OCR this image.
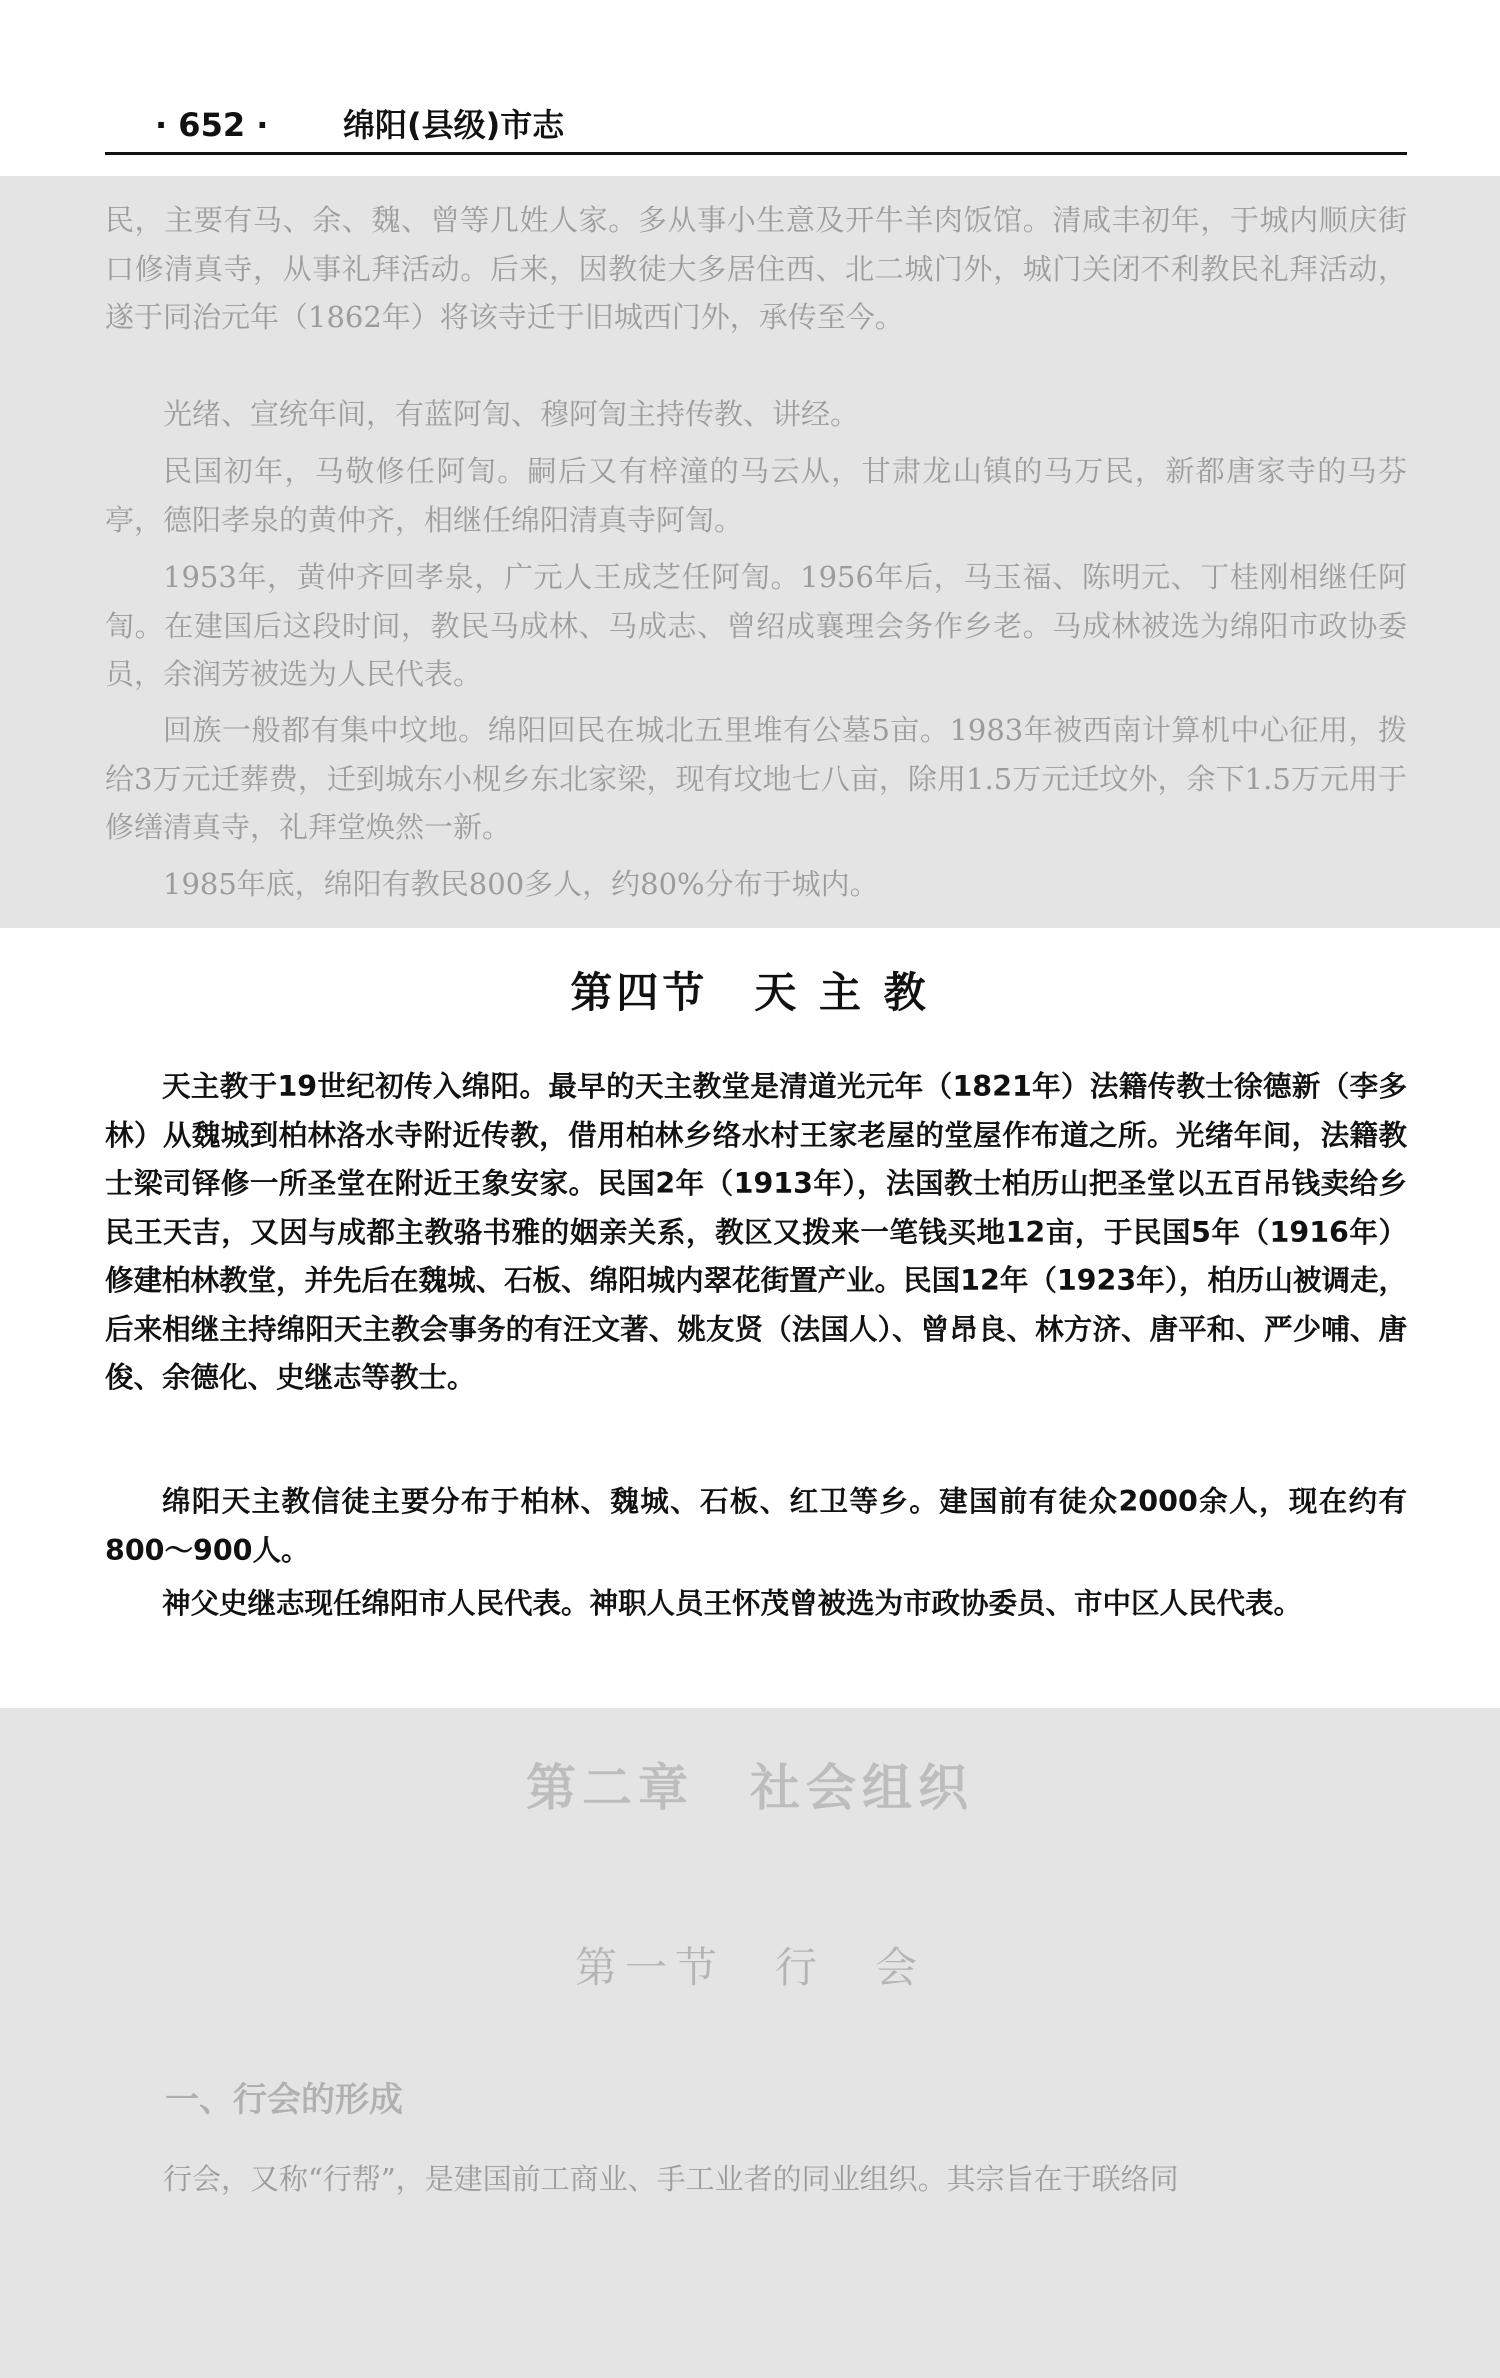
· 652 · 绵阳(县级)市志

民，主要有马、余、魏、曾等几姓人家。多从事小生意及开牛羊肉饭馆。清咸丰初年，于城内顺庆街口修清真寺，从事礼拜活动。后来，因教徒大多居住西、北二城门外，城门关闭不利教民礼拜活动，遂于同治元年（1862年）将该寺迁于旧城西门外，承传至今。

光绪、宣统年间，有蓝阿訇、穆阿訇主持传教、讲经。

民国初年，马敬修任阿訇。嗣后又有梓潼的马云从，甘肃龙山镇的马万民，新都唐家寺的马芬亭，德阳孝泉的黄仲齐，相继任绵阳清真寺阿訇。

1953年，黄仲齐回孝泉，广元人王成芝任阿訇。1956年后，马玉福、陈明元、丁桂刚相继任阿訇。在建国后这段时间，教民马成林、马成志、曾绍成襄理会务作乡老。马成林被选为绵阳市政协委员，余润芳被选为人民代表。

回族一般都有集中坟地。绵阳回民在城北五里堆有公墓5亩。1983年被西南计算机中心征用，拨给3万元迁葬费，迁到城东小枧乡东北家梁，现有坟地七八亩，除用1.5万元迁坟外，余下1.5万元用于修缮清真寺，礼拜堂焕然一新。

1985年底，绵阳有教民800多人，约80%分布于城内。

第四节　天 主 教

天主教于19世纪初传入绵阳。最早的天主教堂是清道光元年（1821年）法籍传教士徐德新（李多林）从魏城到柏林洛水寺附近传教，借用柏林乡络水村王家老屋的堂屋作布道之所。光绪年间，法籍教士梁司铎修一所圣堂在附近王象安家。民国2年（1913年），法国教士柏历山把圣堂以五百吊钱卖给乡民王天吉，又因与成都主教骆书雅的姻亲关系，教区又拨来一笔钱买地12亩，于民国5年（1916年）修建柏林教堂，并先后在魏城、石板、绵阳城内翠花街置产业。民国12年（1923年），柏历山被调走，后来相继主持绵阳天主教会事务的有汪文著、姚友贤（法国人）、曾昂良、林方济、唐平和、严少哺、唐俊、余德化、史继志等教士。

绵阳天主教信徒主要分布于柏林、魏城、石板、红卫等乡。建国前有徒众2000余人，现在约有800～900人。

神父史继志现任绵阳市人民代表。神职人员王怀茂曾被选为市政协委员、市中区人民代表。

第二章　社会组织
第一节　行　会
一、行会的形成

行会，又称“行帮”，是建国前工商业、手工业者的同业组织。其宗旨在于联络同
